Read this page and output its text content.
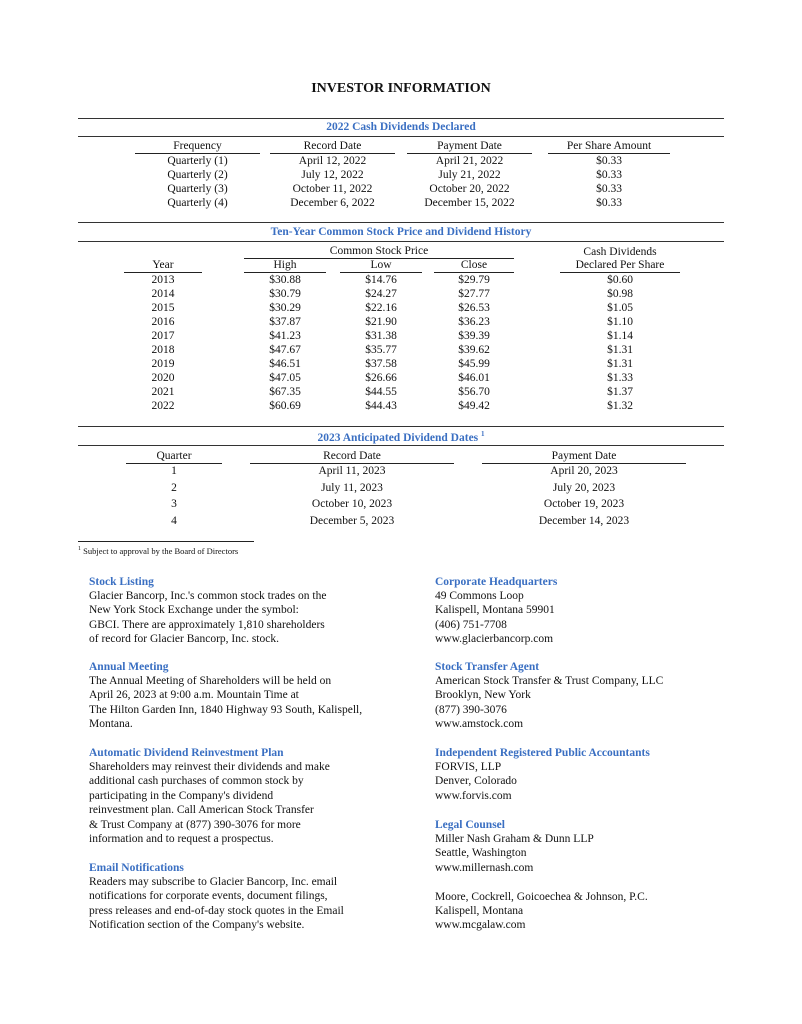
INVESTOR INFORMATION
2022 Cash Dividends Declared
Frequency	Record Date	Payment Date	Per Share Amount
Quarterly (1)	April 12, 2022	April 21, 2022	$0.33
Quarterly (2)	July 12, 2022	July 21, 2022	$0.33
Quarterly (3)	October 11, 2022	October 20, 2022	$0.33
Quarterly (4)	December 6, 2022	December 15, 2022	$0.33
Ten-Year Common Stock Price and Dividend History
Common Stock Price	Cash Dividends
Year	High	Low	Close	Declared Per Share
2013	$30.88	$14.76	$29.79	$0.60
2014	$30.79	$24.27	$27.77	$0.98
2015	$30.29	$22.16	$26.53	$1.05
2016	$37.87	$21.90	$36.23	$1.10
2017	$41.23	$31.38	$39.39	$1.14
2018	$47.67	$35.77	$39.62	$1.31
2019	$46.51	$37.58	$45.99	$1.31
2020	$47.05	$26.66	$46.01	$1.33
2021	$67.35	$44.55	$56.70	$1.37
2022	$60.69	$44.43	$49.42	$1.32
2023 Anticipated Dividend Dates $^1$
Quarter	Record Date	Payment Date
1	April 11, 2023	April 20, 2023
2	July 11, 2023	July 20, 2023
3	October 10, 2023	October 19, 2023
4	December 5, 2023	December 14, 2023
$^1$ Subject to approval by the Board of Directors
Stock Listing

Glacier Bancorp, Inc.'s common stock trades on the
New York Stock Exchange under the symbol:
GBCI. There are approximately 1,810 shareholders
of record for Glacier Bancorp, Inc. stock.

Annual Meeting

The Annual Meeting of Shareholders will be held on
April 26, 2023 at 9:00 a.m. Mountain Time at
The Hilton Garden Inn, 1840 Highway 93 South, Kalispell,
Montana.

Automatic Dividend Reinvestment Plan

Shareholders may reinvest their dividends and make
additional cash purchases of common stock by
participating in the Company's dividend
reinvestment plan. Call American Stock Transfer
& Trust Company at (877) 390-3076 for more
information and to request a prospectus.

Email Notifications

Readers may subscribe to Glacier Bancorp, Inc. email
notifications for corporate events, document filings,
press releases and end-of-day stock quotes in the Email
Notification section of the Company's website.

Corporate Headquarters

49 Commons Loop
Kalispell, Montana 59901
(406) 751-7708
www.glacierbancorp.com

Stock Transfer Agent

American Stock Transfer & Trust Company, LLC
Brooklyn, New York
(877) 390-3076
www.amstock.com

Independent Registered Public Accountants

FORVIS, LLP
Denver, Colorado
www.forvis.com

Legal Counsel

Miller Nash Graham & Dunn LLP
Seattle, Washington
www.millernash.com

Moore, Cockrell, Goicoechea & Johnson, P.C.
Kalispell, Montana
www.mcgalaw.com
